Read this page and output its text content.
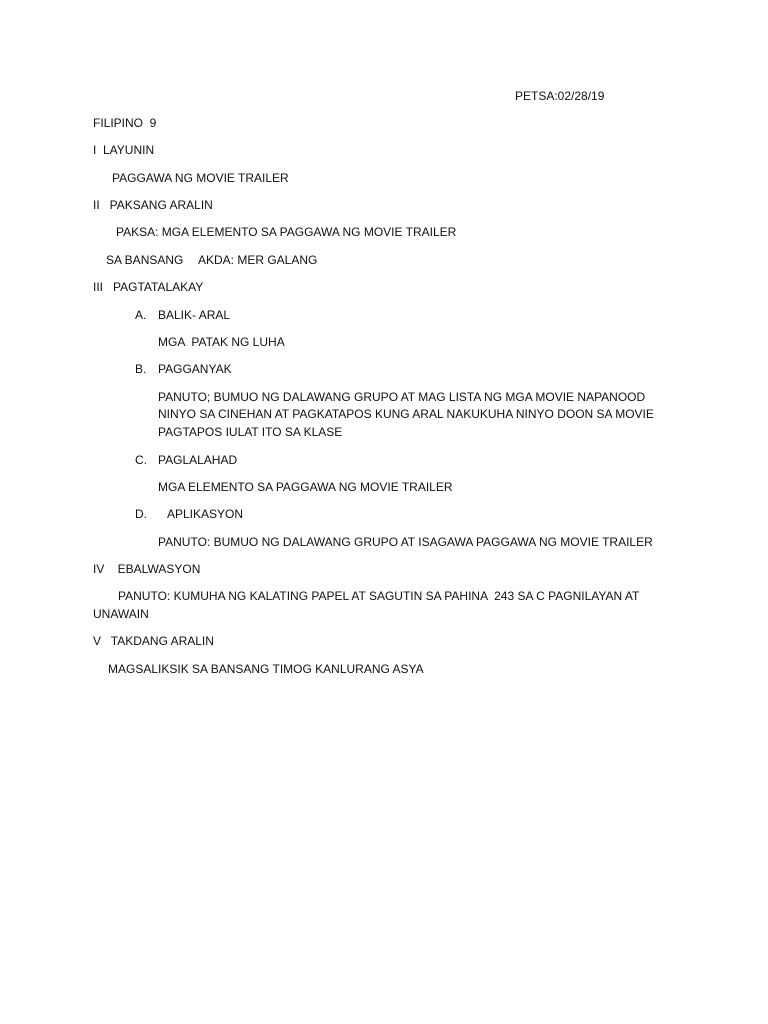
PETSA:02/28/19
FILIPINO  9
I  LAYUNIN
PAGGAWA NG MOVIE TRAILER
II   PAKSANG ARALIN
PAKSA: MGA ELEMENTO SA PAGGAWA NG MOVIE TRAILER
SA BANSANG AKDA: MER GALANG
III   PAGTATALAKAY
A. BALIK- ARAL
MGA  PATAK NG LUHA
B. PAGGANYAK
PANUTO; BUMUO NG DALAWANG GRUPO AT MAG LISTA NG MGA MOVIE NAPANOOD
NINYO SA CINEHAN AT PAGKATAPOS KUNG ARAL NAKUKUHA NINYO DOON SA MOVIE
PAGTAPOS IULAT ITO SA KLASE
C. PAGLALAHAD
MGA ELEMENTO SA PAGGAWA NG MOVIE TRAILER
D. APLIKASYON
PANUTO: BUMUO NG DALAWANG GRUPO AT ISAGAWA PAGGAWA NG MOVIE TRAILER
IV    EBALWASYON
PANUTO: KUMUHA NG KALATING PAPEL AT SAGUTIN SA PAHINA  243 SA C PAGNILAYAN AT
UNAWAIN
V   TAKDANG ARALIN
MAGSALIKSIK SA BANSANG TIMOG KANLURANG ASYA
